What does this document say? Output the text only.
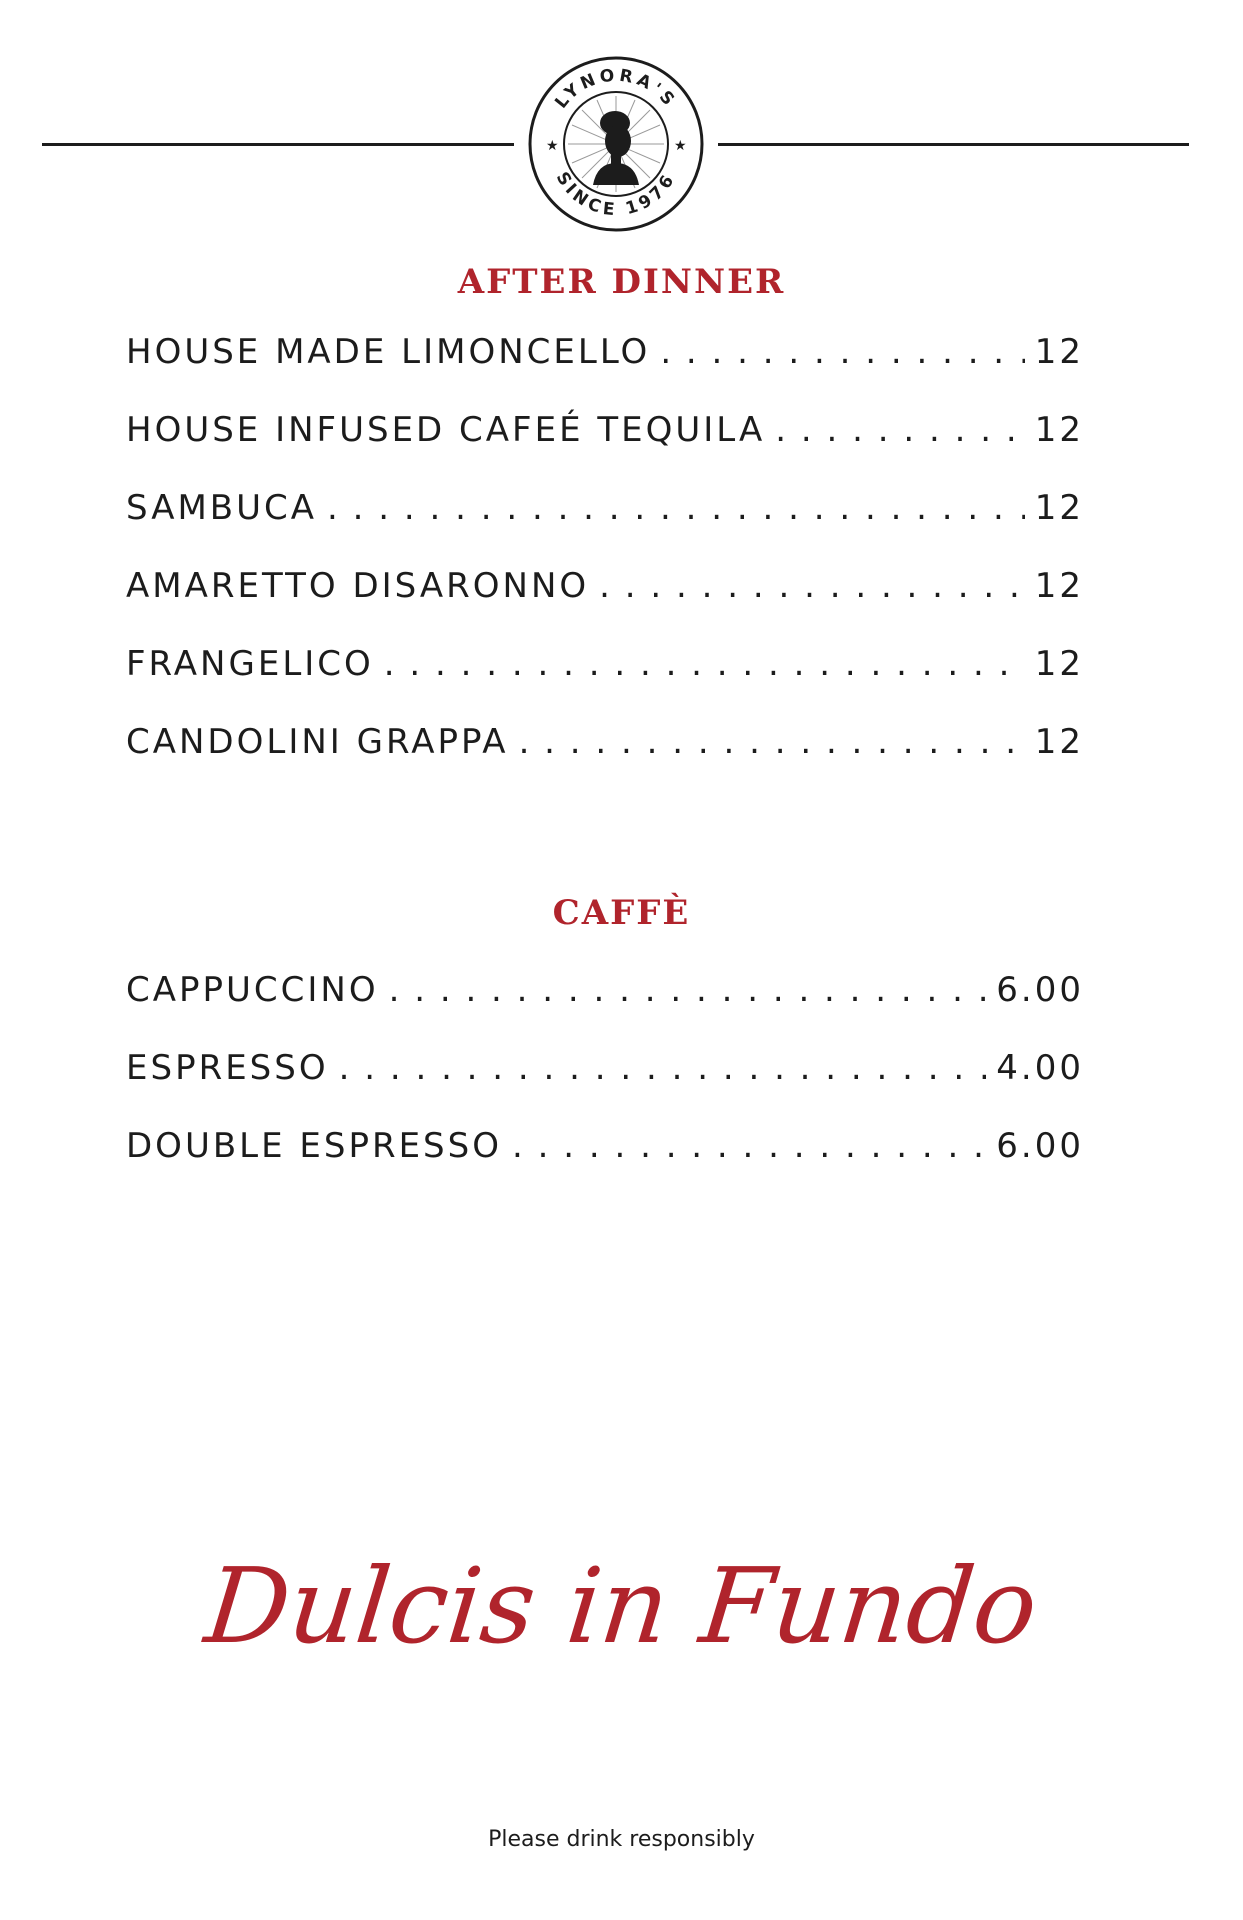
LYNORA'S
SINCE 1976
★	★
AFTER DINNER
HOUSE MADE LIMONCELLO . . .	12
HOUSE INFUSED CAFEÉ TEQUILA . . .	12
SAMBUCA . . .	12
AMARETTO DISARONNO . . .	12
FRANGELICO . . .	12
CANDOLINI GRAPPA . . .	12
CAFFÈ
CAPPUCCINO . . .	6.00
ESPRESSO . . .	4.00
DOUBLE ESPRESSO . . .	6.00
Dulcis in Fundo
Please drink responsibly
